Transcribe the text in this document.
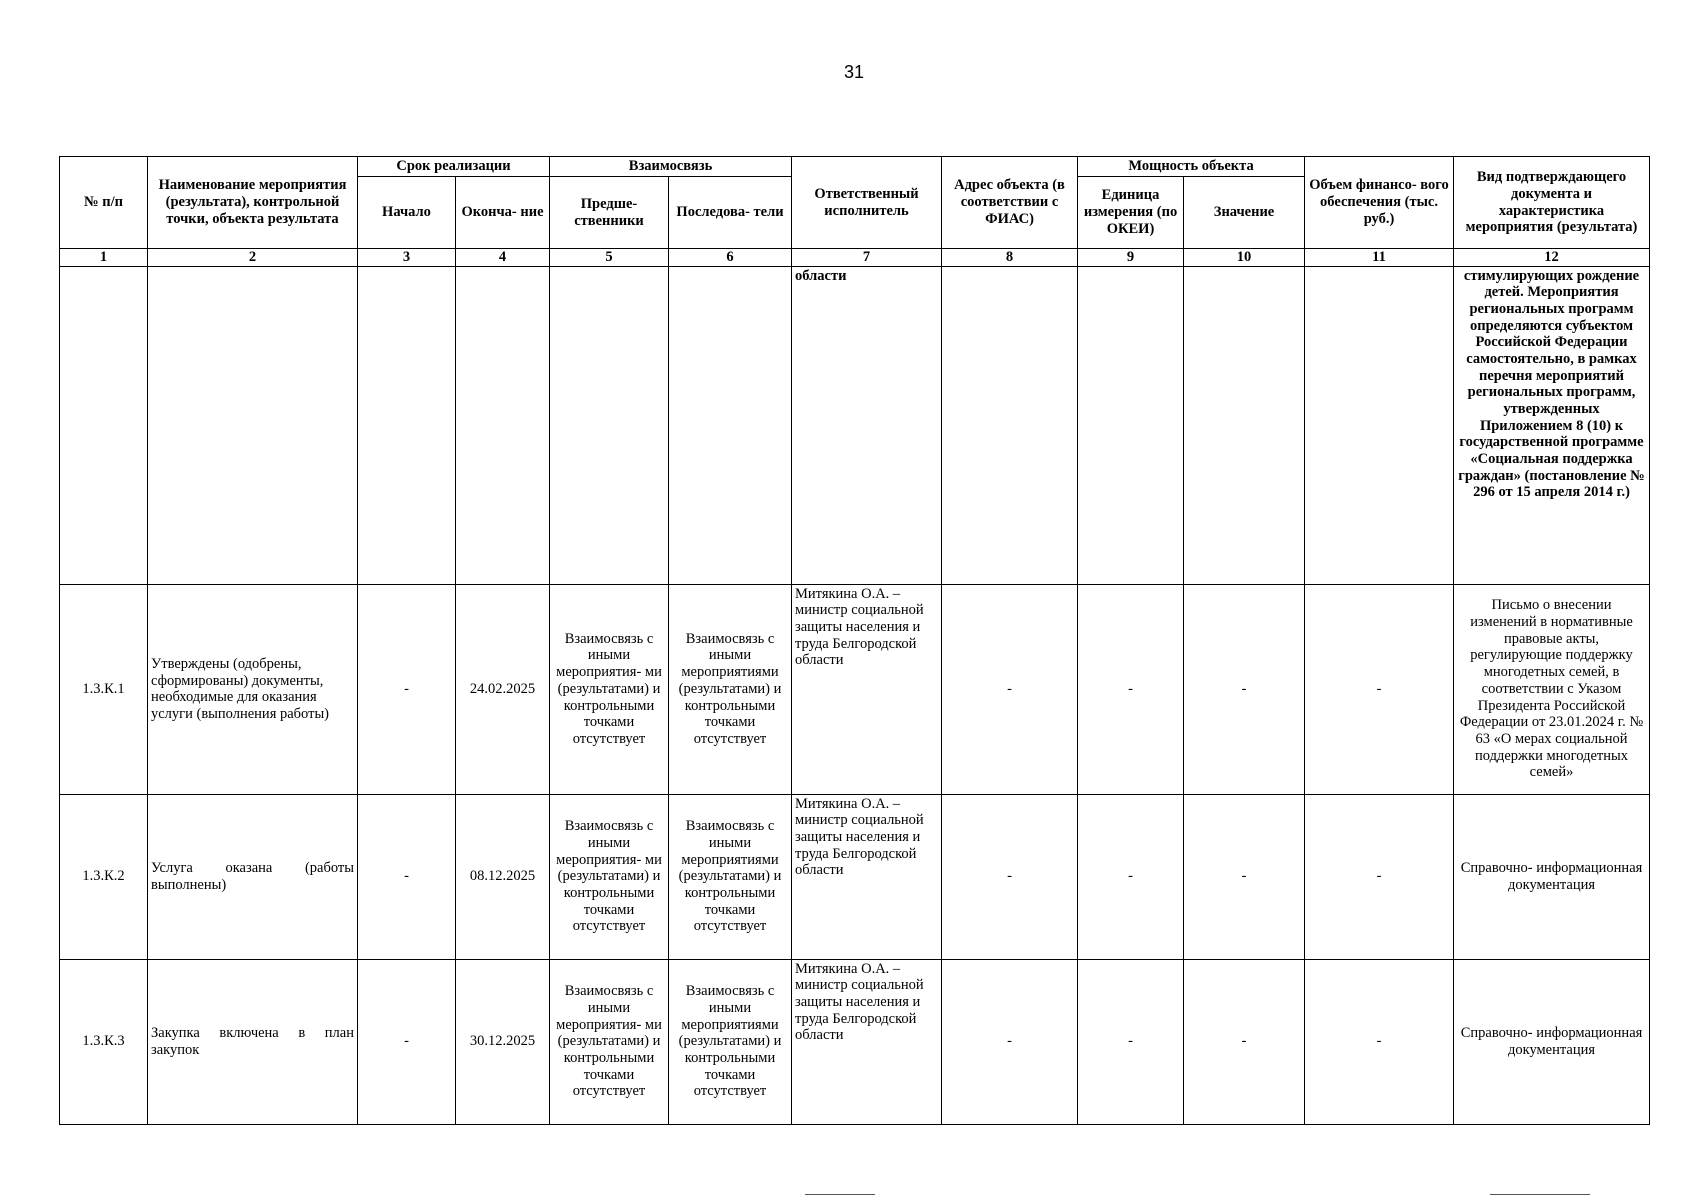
31
№ п/п	Наименование мероприятия (результата), контрольной точки, объекта результата	Срок реализации		Взаимосвязь		Ответственный исполнитель	Адрес объекта (в соответствии с ФИАС)	Мощность объекта		Объем финансо- вого обеспечения (тыс. руб.)	Вид подтверждающего документа и характеристика мероприятия (результата)
		Начало	Оконча- ние	Предше- ственники	Последова- тели			Единица измерения (по ОКЕИ)	Значение		
1	2	3	4	5	6	7	8	9	10	11	12
						области					стимулирующих рождение детей. Мероприятия региональных программ определяются субъектом Российской Федерации самостоятельно, в рамках перечня мероприятий региональных программ, утвержденных Приложением 8 (10) к государственной программе «Социальная поддержка граждан» (постановление № 296 от 15 апреля 2014 г.)
1.3.К.1	Утверждены (одобрены, сформированы) документы, необходимые для оказания услуги (выполнения работы)	-	24.02.2025	Взаимосвязь с иными мероприятия- ми (результатами) и контрольными точками отсутствует	Взаимосвязь с иными мероприятиями (результатами) и контрольными точками отсутствует	Митякина О.А. – министр социальной защиты населения и труда Белгородской области	-	-	-	-	Письмо о внесении изменений в нормативные правовые акты, регулирующие поддержку многодетных семей, в соответствии с Указом Президента Российской Федерации от 23.01.2024 г. № 63 «О мерах социальной поддержки многодетных семей»
1.3.К.2	Услуга оказана (работы выполнены)	-	08.12.2025	Взаимосвязь с иными мероприятия- ми (результатами) и контрольными точками отсутствует	Взаимосвязь с иными мероприятиями (результатами) и контрольными точками отсутствует	Митякина О.А. – министр социальной защиты населения и труда Белгородской области	-	-	-	-	Справочно- информационная документация
1.3.К.3	Закупка включена в план закупок	-	30.12.2025	Взаимосвязь с иными мероприятия- ми (результатами) и контрольными точками отсутствует	Взаимосвязь с иными мероприятиями (результатами) и контрольными точками отсутствует	Митякина О.А. – министр социальной защиты населения и труда Белгородской области	-	-	-	-	Справочно- информационная документация
